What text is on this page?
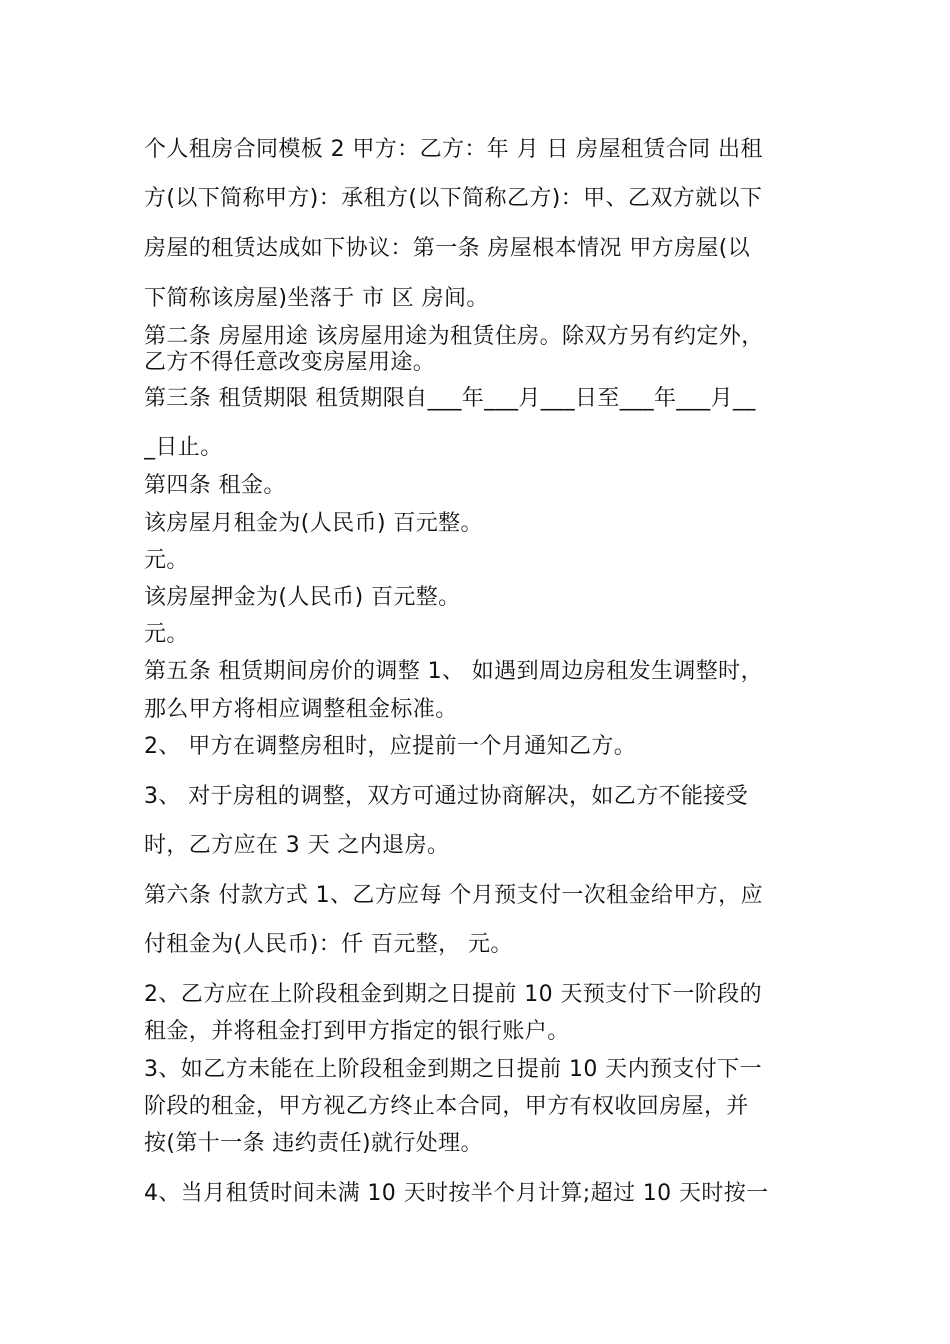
个人租房合同模板 2 甲方：乙方：年 月 日 房屋租赁合同 出租
方(以下简称甲方)：承租方(以下简称乙方)：甲、乙双方就以下
房屋的租赁达成如下协议：第一条 房屋根本情况 甲方房屋(以
下简称该房屋)坐落于 市 区 房间。
第二条 房屋用途 该房屋用途为租赁住房。除双方另有约定外，
乙方不得任意改变房屋用途。
第三条 租赁期限 租赁期限自___年___月___日至___年___月__
_日止。
第四条 租金。
该房屋月租金为(人民币) 百元整。
元。
该房屋押金为(人民币) 百元整。
元。
第五条 租赁期间房价的调整 1、 如遇到周边房租发生调整时，
那么甲方将相应调整租金标准。
2、 甲方在调整房租时，应提前一个月通知乙方。
3、 对于房租的调整，双方可通过协商解决，如乙方不能接受
时，乙方应在 3 天 之内退房。
第六条 付款方式 1、乙方应每 个月预支付一次租金给甲方，应
付租金为(人民币)：仟 百元整， 元。
2、乙方应在上阶段租金到期之日提前 10 天预支付下一阶段的
租金，并将租金打到甲方指定的银行账户。
3、如乙方未能在上阶段租金到期之日提前 10 天内预支付下一
阶段的租金，甲方视乙方终止本合同，甲方有权收回房屋，并
按(第十一条 违约责任)就行处理。
4、当月租赁时间未满 10 天时按半个月计算;超过 10 天时按一
